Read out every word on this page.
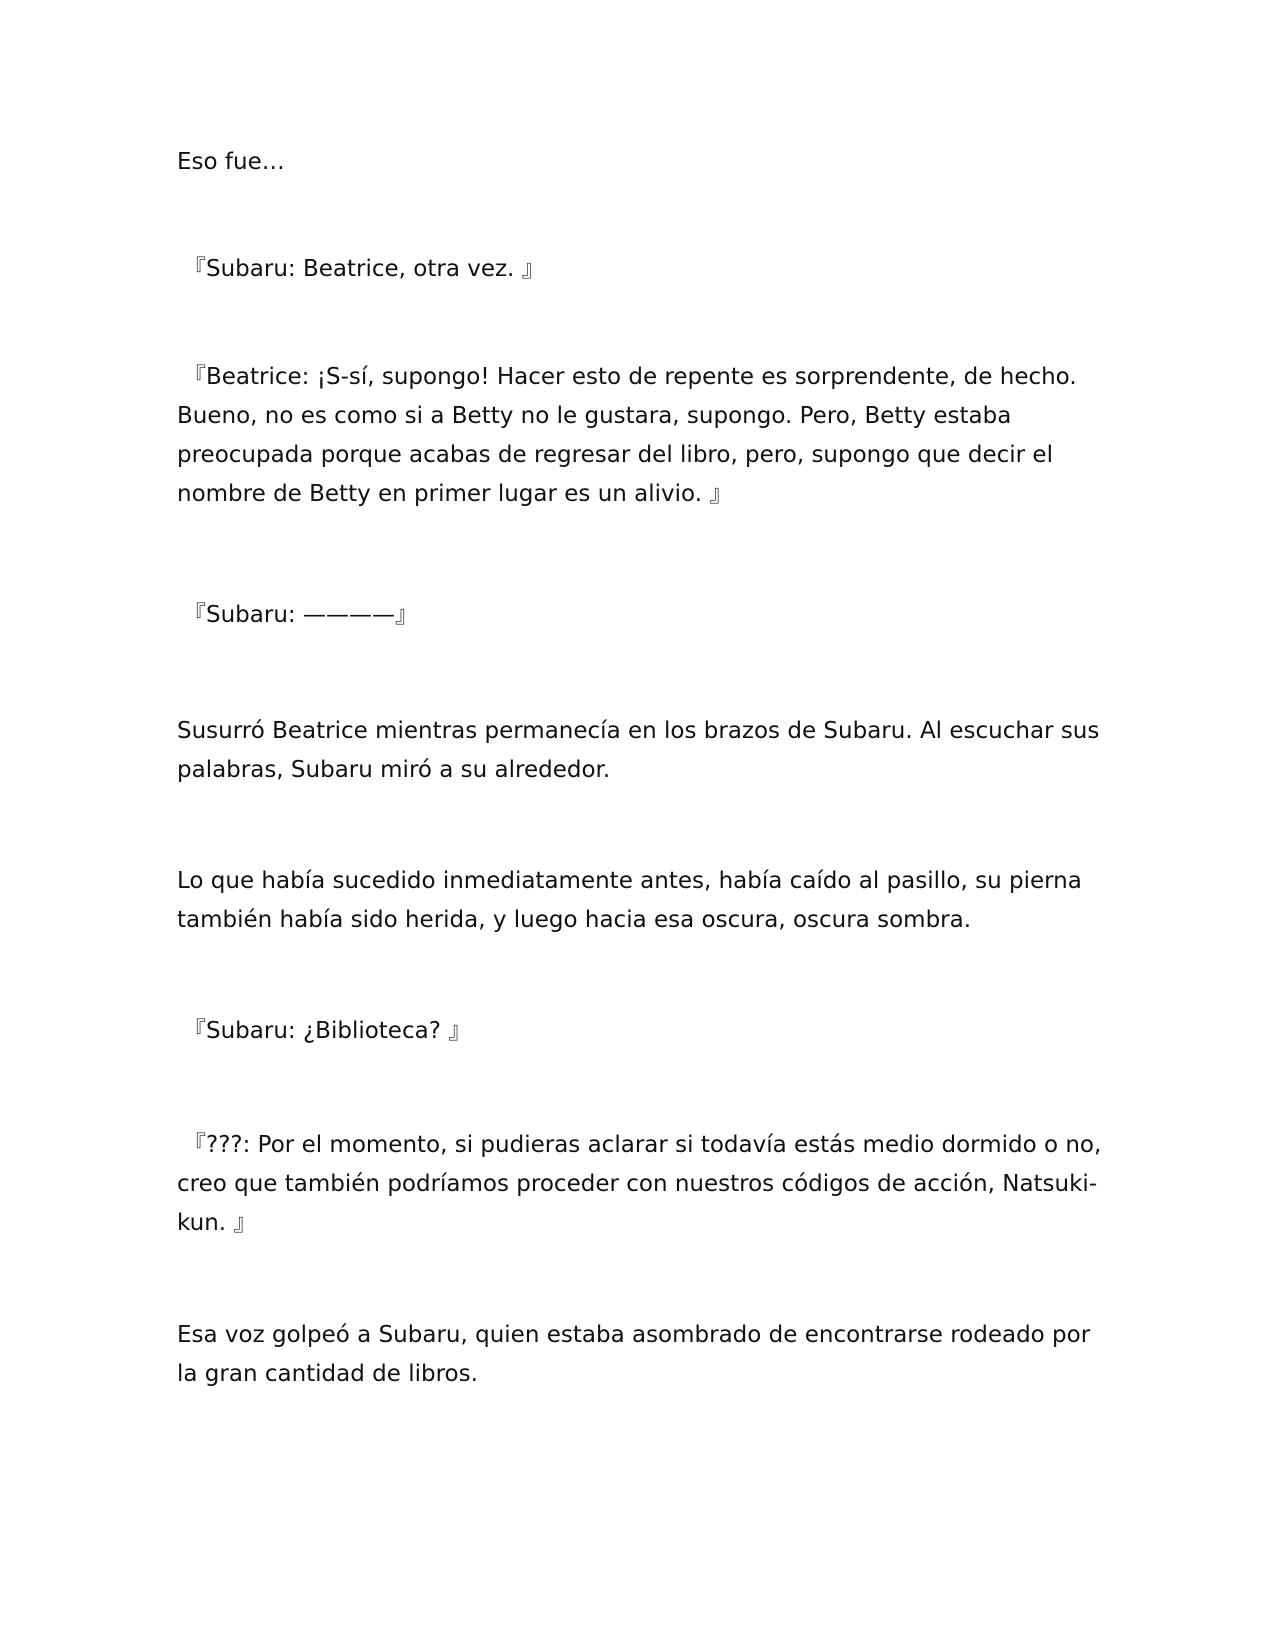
Eso fue…

『Subaru: Beatrice, otra vez. 』

『Beatrice: ¡S-sí, supongo! Hacer esto de repente es sorprendente, de hecho. Bueno, no es como si a Betty no le gustara, supongo. Pero, Betty estaba preocupada porque acabas de regresar del libro, pero, supongo que decir el nombre de Betty en primer lugar es un alivio. 』

『Subaru: ————』

Susurró Beatrice mientras permanecía en los brazos de Subaru. Al escuchar sus palabras, Subaru miró a su alrededor.

Lo que había sucedido inmediatamente antes, había caído al pasillo, su pierna también había sido herida, y luego hacia esa oscura, oscura sombra.

『Subaru: ¿Biblioteca? 』

『???: Por el momento, si pudieras aclarar si todavía estás medio dormido o no, creo que también podríamos proceder con nuestros códigos de acción, Natsuki-kun. 』

Esa voz golpeó a Subaru, quien estaba asombrado de encontrarse rodeado por la gran cantidad de libros.
